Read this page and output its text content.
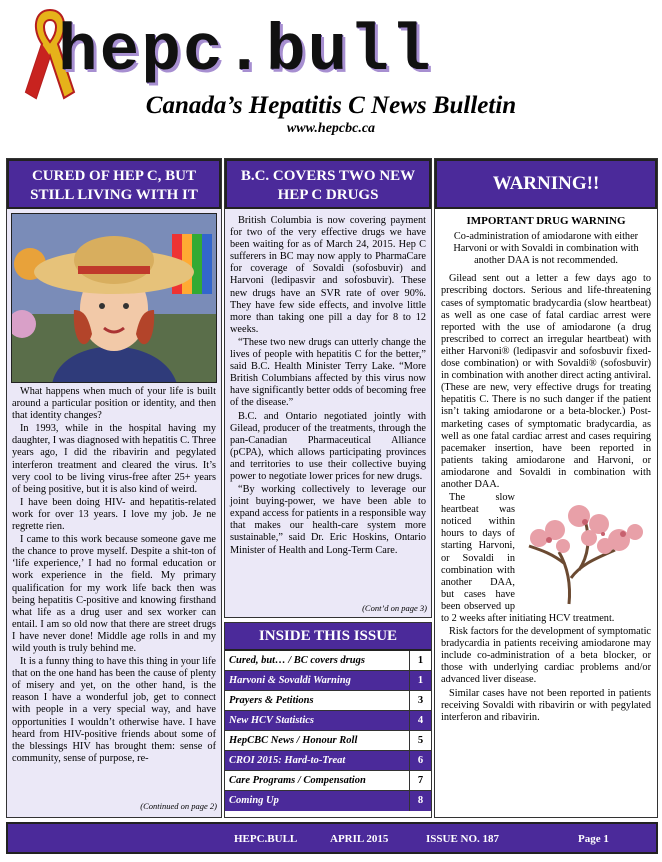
hepc.bull
Canada’s Hepatitis C News Bulletin
www.hepcbc.ca
CURED OF HEP C, BUT STILL LIVING WITH IT

What happens when much of your life is built around a particular position or identity, and then that identity changes?

In 1993, while in the hospital having my daughter, I was diagnosed with hepatitis C. Three years ago, I did the ribavirin and pegylated interferon treatment and cleared the virus. It’s very cool to be living virus-free after 25+ years of being positive, but it is also kind of weird.

I have been doing HIV- and hepatitis-related work for over 13 years. I love my job. Je ne regrette rien.

I came to this work because someone gave me the chance to prove myself. Despite a shit-ton of ‘life experience,’ I had no formal education or work experience in the field. My primary qualification for my work life back then was being hepatitis C-positive and knowing firsthand what life as a drug user and sex worker can entail. I am so old now that there are street drugs I have never done! Middle age rolls in and my wild youth is truly behind me.

It is a funny thing to have this thing in your life that on the one hand has been the cause of plenty of misery and yet, on the other hand, is the reason I have a wonderful job, get to connect with people in a very special way, and have opportunities I wouldn’t otherwise have. I have heard from HIV-positive friends about some of the blessings HIV has brought them: sense of community, sense of purpose, re-

(Continued on page 2)
B.C. COVERS TWO NEW HEP C DRUGS

British Columbia is now covering payment for two of the very effective drugs we have been waiting for as of March 24, 2015. Hep C sufferers in BC may now apply to PharmaCare for coverage of Sovaldi (sofosbuvir) and Harvoni (ledipasvir and sofosbuvir). These new drugs have an SVR rate of over 90%. They have few side effects, and involve little more than taking one pill a day for 8 to 12 weeks.

“These two new drugs can utterly change the lives of people with hepatitis C for the better,” said B.C. Health Minister Terry Lake. “More British Columbians affected by this virus now have significantly better odds of becoming free of the disease.”

B.C. and Ontario negotiated jointly with Gilead, producer of the treatments, through the pan-Canadian Pharmaceutical Alliance (pCPA), which allows participating provinces and territories to use their collective buying power to negotiate lower prices for new drugs.

“By working collectively to leverage our joint buying-power, we have been able to expand access for patients in a responsible way that makes our health-care system more sustainable,” said Dr. Eric Hoskins, Ontario Minister of Health and Long-Term Care.

(Cont’d on page 3)
INSIDE THIS ISSUE
Cured, but… / BC covers drugs	1
Harvoni & Sovaldi Warning	1
Prayers & Petitions	3
New HCV Statistics	4
HepCBC News / Honour Roll	5
CROI 2015: Hard-to-Treat	6
Care Programs / Compensation	7
Coming Up	8
WARNING!!
IMPORTANT DRUG WARNING
Co-administration of amiodarone with either Harvoni or with Sovaldi in combination with another DAA is not recommended.

Gilead sent out a letter a few days ago to prescribing doctors. Serious and life-threatening cases of symptomatic bradycardia (slow heartbeat) as well as one case of fatal cardiac arrest were reported with the use of amiodarone (a drug prescribed to correct an irregular heartbeat) with either Harvoni® (ledipasvir and sofosbuvir fixed-dose combination) or with Sovaldi® (sofosbuvir) in combination with another direct acting antiviral. (These are new, very effective drugs for treating hepatitis C. There is no such danger if the patient isn’t taking amiodarone or a beta-blocker.) Post-marketing cases of symptomatic bradycardia, as well as one fatal cardiac arrest and cases requiring pacemaker insertion, have been reported in patients taking amiodarone and Harvoni, or amiodarone and Sovaldi in combination with another DAA.

The slow heartbeat was noticed within hours to days of starting Harvoni, or Sovaldi in combination with another DAA, but cases have been observed up to 2 weeks after initiating HCV treatment.

Risk factors for the development of symptomatic bradycardia in patients receiving amiodarone may include co-administration of a beta blocker, or those with underlying cardiac problems and/or advanced liver disease.

Similar cases have not been reported in patients receiving Sovaldi with ribavirin or with pegylated interferon and ribavirin.

HEPC.BULL	APRIL 2015	ISSUE NO. 187	Page 1
